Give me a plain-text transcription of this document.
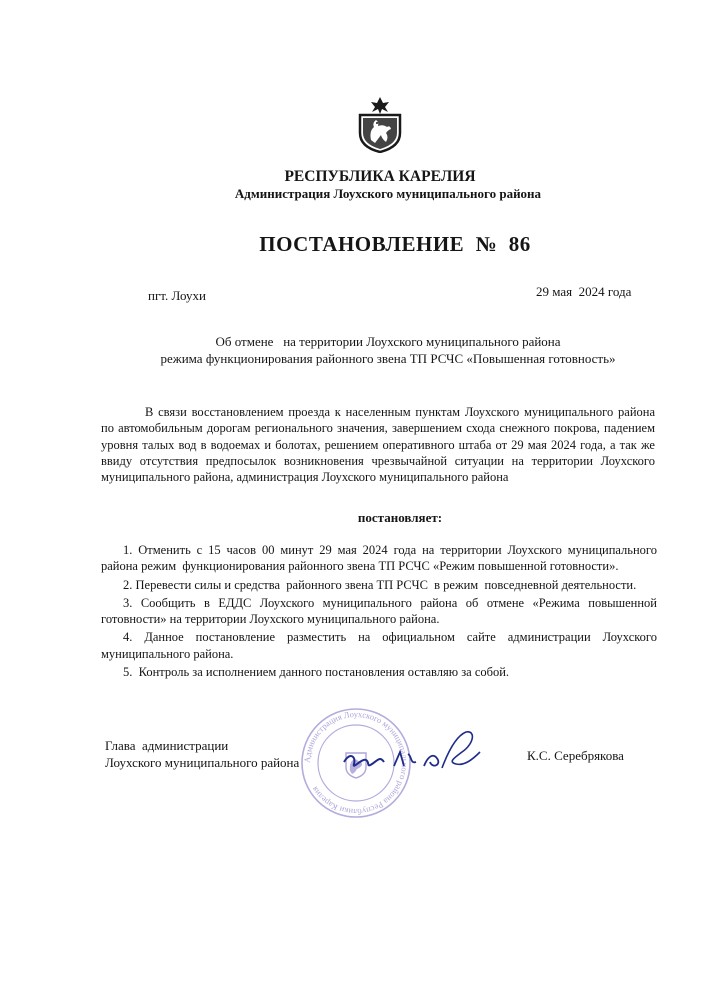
РЕСПУБЛИКА КАРЕЛИЯ
Администрация Лоухского муниципального района
ПОСТАНОВЛЕНИЕ  №  86
пгт. Лоухи	29 мая  2024 года
Об отмене   на территории Лоухского муниципального района
режима функционирования районного звена ТП РСЧС «Повышенная готовность»
В связи восстановлением проезда к населенным пунктам Лоухского муниципального района по автомобильным дорогам регионального значения, завершением схода снежного покрова, падением уровня талых вод в водоемах и болотах, решением оперативного штаба от 29 мая 2024 года, а так же ввиду отсутствия предпосылок возникновения чрезвычайной ситуации на территории Лоухского муниципального района, администрация Лоухского муниципального района
постановляет:

1. Отменить с 15 часов 00 минут 29 мая 2024 года на территории Лоухского муниципального района режим  функционирования районного звена ТП РСЧС «Режим повышенной готовности».

2. Перевести силы и средства  районного звена ТП РСЧС  в режим  повседневной деятельности.

3. Сообщить в ЕДДС Лоухского муниципального района об отмене «Режима повышенной готовности» на территории Лоухского муниципального района.

4. Данное постановление разместить на официальном сайте администрации Лоухского муниципального района.

5.  Контроль за исполнением данного постановления оставляю за собой.

Администрация Лоухского муниципального района Республики Карелия
Глава  администрации
Лоухского муниципального района	К.С. Серебрякова
